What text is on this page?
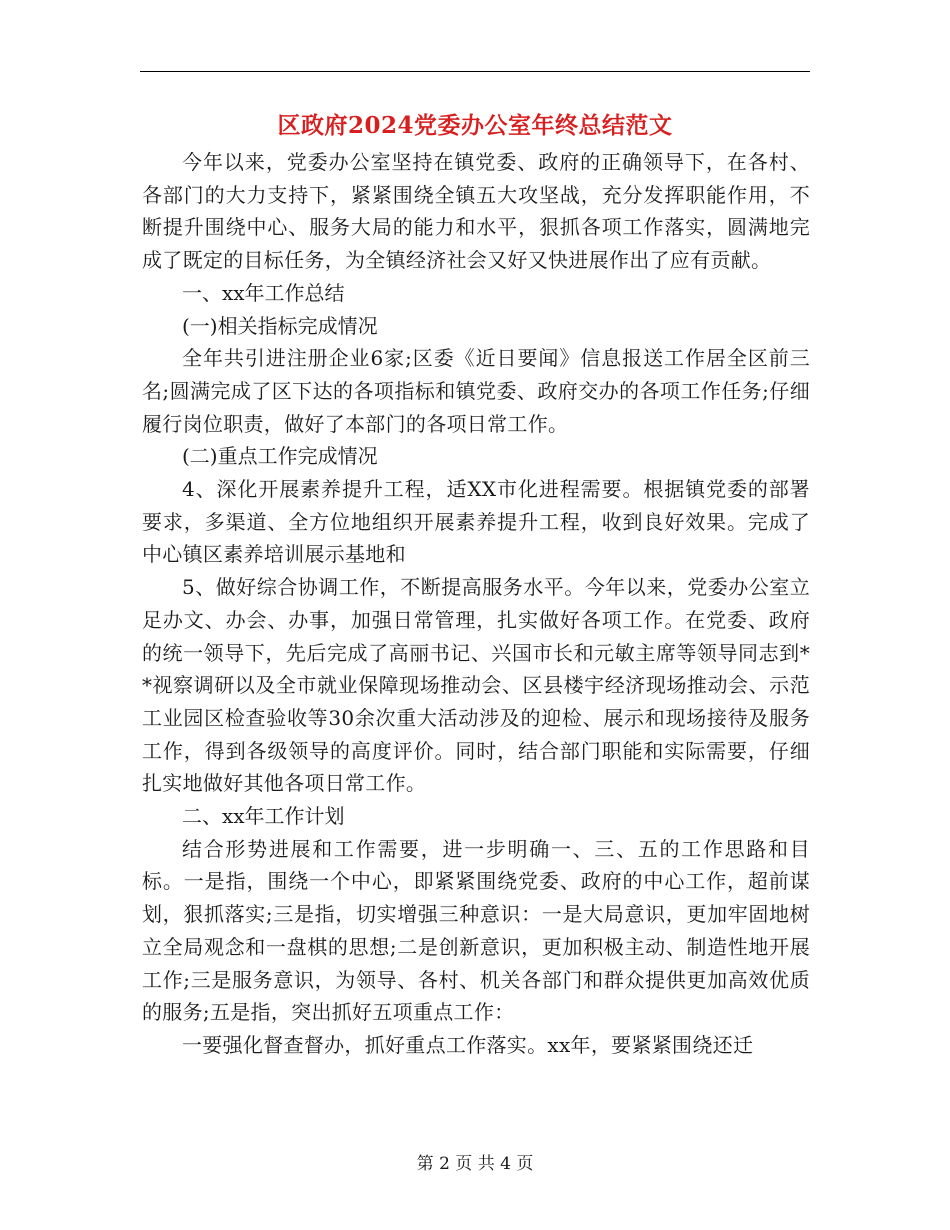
区政府2024党委办公室年终总结范文

今年以来，党委办公室坚持在镇党委、政府的正确领导下，在各村、各部门的大力支持下，紧紧围绕全镇五大攻坚战，充分发挥职能作用，不断提升围绕中心、服务大局的能力和水平，狠抓各项工作落实，圆满地完成了既定的目标任务，为全镇经济社会又好又快进展作出了应有贡献。

一、xx年工作总结

(一)相关指标完成情况

全年共引进注册企业6家;区委《近日要闻》信息报送工作居全区前三名;圆满完成了区下达的各项指标和镇党委、政府交办的各项工作任务;仔细履行岗位职责，做好了本部门的各项日常工作。

(二)重点工作完成情况

4、深化开展素养提升工程，适XX市化进程需要。根据镇党委的部署要求，多渠道、全方位地组织开展素养提升工程，收到良好效果。完成了中心镇区素养培训展示基地和

5、做好综合协调工作，不断提高服务水平。今年以来，党委办公室立足办文、办会、办事，加强日常管理，扎实做好各项工作。在党委、政府的统一领导下，先后完成了高丽书记、兴国市长和元敏主席等领导同志到**视察调研以及全市就业保障现场推动会、区县楼宇经济现场推动会、示范工业园区检查验收等30余次重大活动涉及的迎检、展示和现场接待及服务工作，得到各级领导的高度评价。同时，结合部门职能和实际需要，仔细扎实地做好其他各项日常工作。

二、xx年工作计划

结合形势进展和工作需要，进一步明确一、三、五的工作思路和目标。一是指，围绕一个中心，即紧紧围绕党委、政府的中心工作，超前谋划，狠抓落实;三是指，切实增强三种意识：一是大局意识，更加牢固地树立全局观念和一盘棋的思想;二是创新意识，更加积极主动、制造性地开展工作;三是服务意识，为领导、各村、机关各部门和群众提供更加高效优质的服务;五是指，突出抓好五项重点工作：

一要强化督查督办，抓好重点工作落实。xx年，要紧紧围绕还迁

第 2 页 共 4 页
